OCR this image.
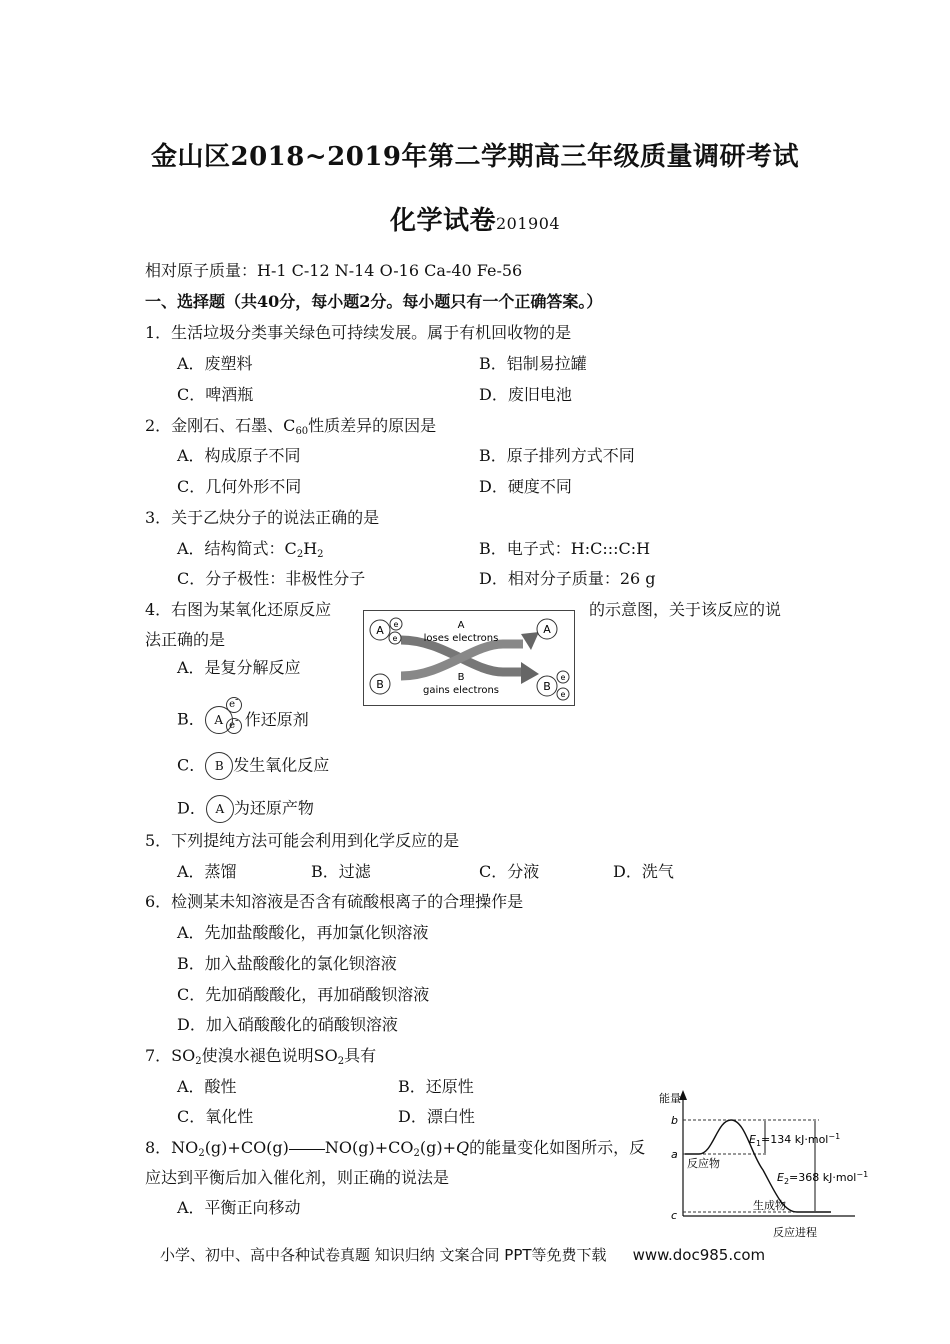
金山区2018~2019年第二学期高三年级质量调研考试
化学试卷201904
相对原子质量：H-1 C-12 N-14 O-16 Ca-40 Fe-56
一、选择题（共40分，每小题2分。每小题只有一个正确答案。）
1．生活垃圾分类事关绿色可持续发展。属于有机回收物的是
A．废塑料	B．铝制易拉罐
C．啤酒瓶	D．废旧电池
2．金刚石、石墨、$C_{60}$性质差异的原因是
A．构成原子不同	B．原子排列方式不同
C．几何外形不同	D．硬度不同
3．关于乙炔分子的说法正确的是
A．结构简式：$C_2H_2$	B．电子式：H:C:::C:H
C．分子极性：非极性分子	D．相对分子质量：26 g
4．右图为某氧化还原反应	的示意图，关于该反应的说
法正确的是	A e
e
B
A
B
e
e
A
loses electrons
B
gains electrons
A．是复分解反应
B． A
e-
e- 作还原剂
C． B 发生氧化反应
D． A 为还原产物
5．下列提纯方法可能会利用到化学反应的是
A．蒸馏	B．过滤	C．分液	D．洗气
6．检测某未知溶液是否含有硫酸根离子的合理操作是
A．先加盐酸酸化，再加氯化钡溶液
B．加入盐酸酸化的氯化钡溶液
C．先加硝酸酸化，再加硝酸钡溶液
D．加入硝酸酸化的硝酸钡溶液
7．$SO_2$使溴水褪色说明$SO_2$具有
A．酸性	B．还原性
C．氧化性	D．漂白性
8．$NO_2(g)+CO(g)$ $NO(g)+CO_2(g)+Q$的能量变化如图所示，反
应达到平衡后加入催化剂，则正确的说法是
A．平衡正向移动
能量
b
a
c
$E_1=134$ kJ·mol$^{-1}$
$E_2=368$ kJ·mol$^{-1}$
反应物
生成物
反应进程
小学、初中、高中各种试卷真题 知识归纳 文案合同 PPT等免费下载 www.doc985.com
